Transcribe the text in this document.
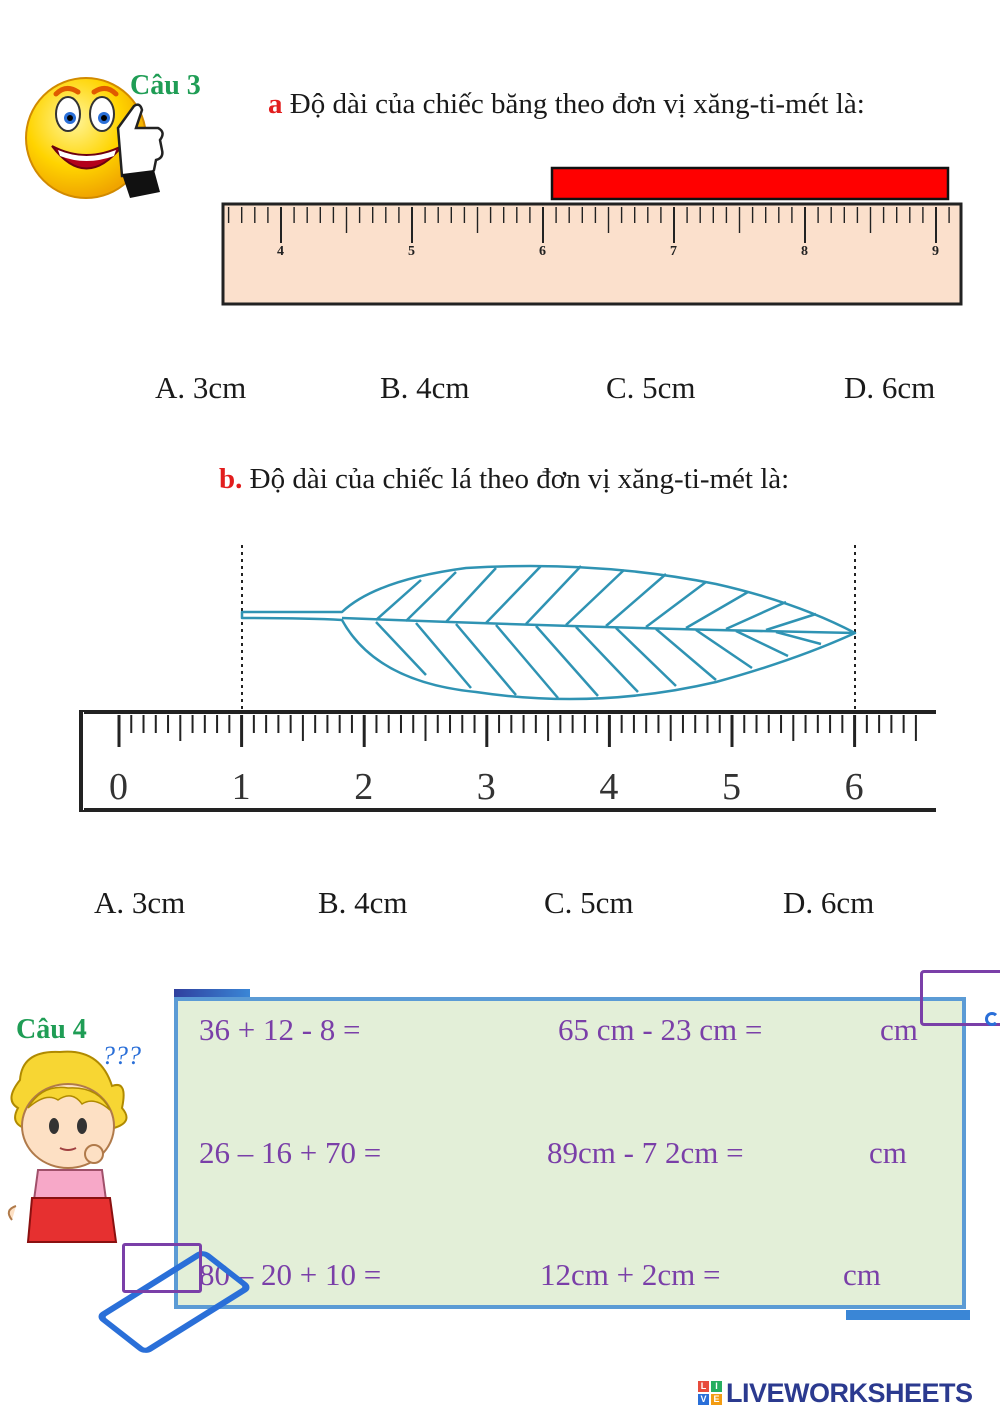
Câu 3
a Độ dài của chiếc băng theo đơn vị xăng-ti-mét là:
4	5	6	7	8	9
A. 3cm	B. 4cm	C. 5cm	D. 6cm
b. Độ dài của chiếc lá theo đơn vị xăng-ti-mét là:
0	1	2	3	4	5	6
A. 3cm	B. 4cm	C. 5cm	D. 6cm
Câu 4
???
36 + 12 - 8 =	65 cm - 23 cm =	cm
26 – 16 + 70 =	89cm - 7 2cm =	cm
80 – 20 + 10 =	12cm + 2cm =	cm
L I
V E LIVEWORKSHEETS
